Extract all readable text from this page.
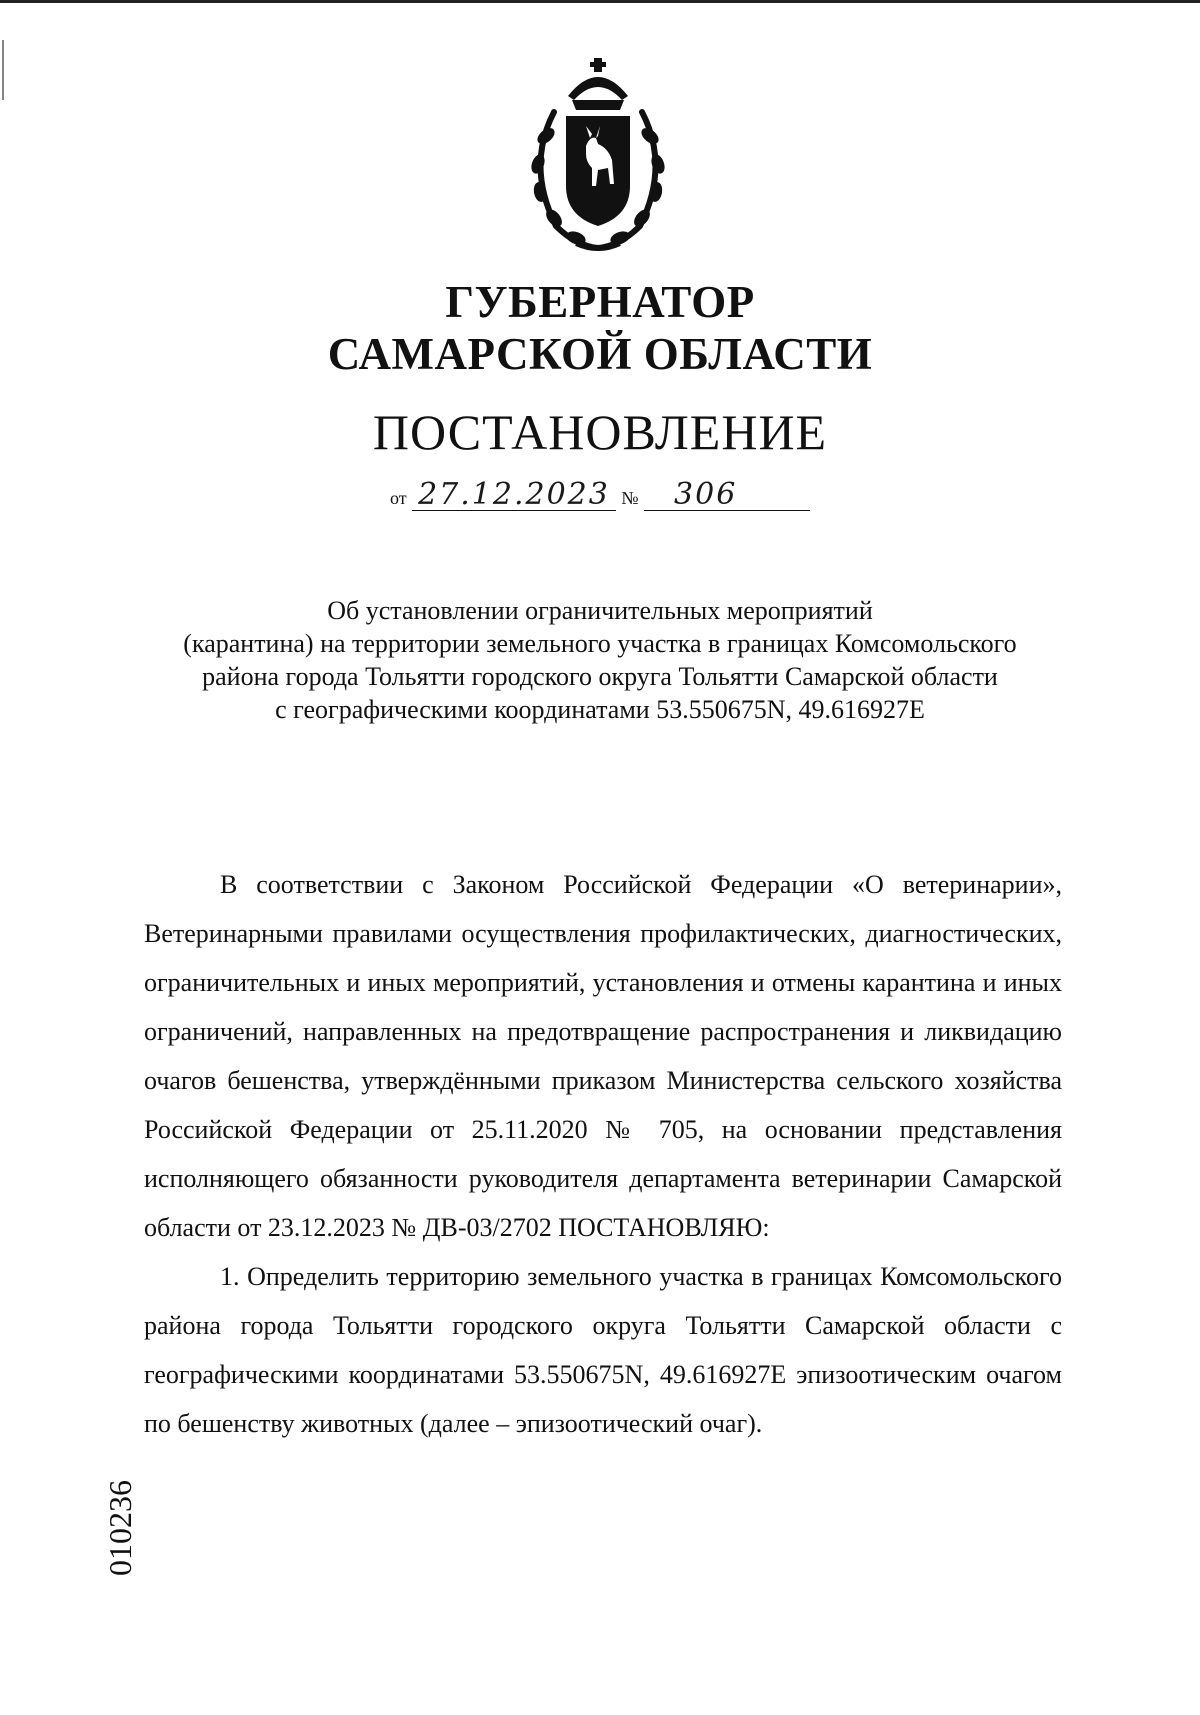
ГУБЕРНАТОР
САМАРСКОЙ ОБЛАСТИ
ПОСТАНОВЛЕНИЕ
от 27.12.2023 № 306
Об установлении ограничительных мероприятий
(карантина) на территории земельного участка в границах Комсомольского
района города Тольятти городского округа Тольятти Самарской области
с географическими координатами 53.550675N, 49.616927E

В соответствии с Законом Российской Федерации «О ветеринарии», Ветеринарными правилами осуществления профилактических, диагностических, ограничительных и иных мероприятий, установления и отмены карантина и иных ограничений, направленных на предотвращение распространения и ликвидацию очагов бешенства, утверждёнными приказом Министерства сельского хозяйства Российской Федерации от 25.11.2020 № 705, на основании представления исполняющего обязанности руководителя департамента ветеринарии Самарской области от 23.12.2023 № ДВ-03/2702 ПОСТАНОВЛЯЮ:

1. Определить территорию земельного участка в границах Комсомольского района города Тольятти городского округа Тольятти Самарской области с географическими координатами 53.550675N, 49.616927E эпизоотическим очагом по бешенству животных (далее – эпизоотический очаг).

010236
